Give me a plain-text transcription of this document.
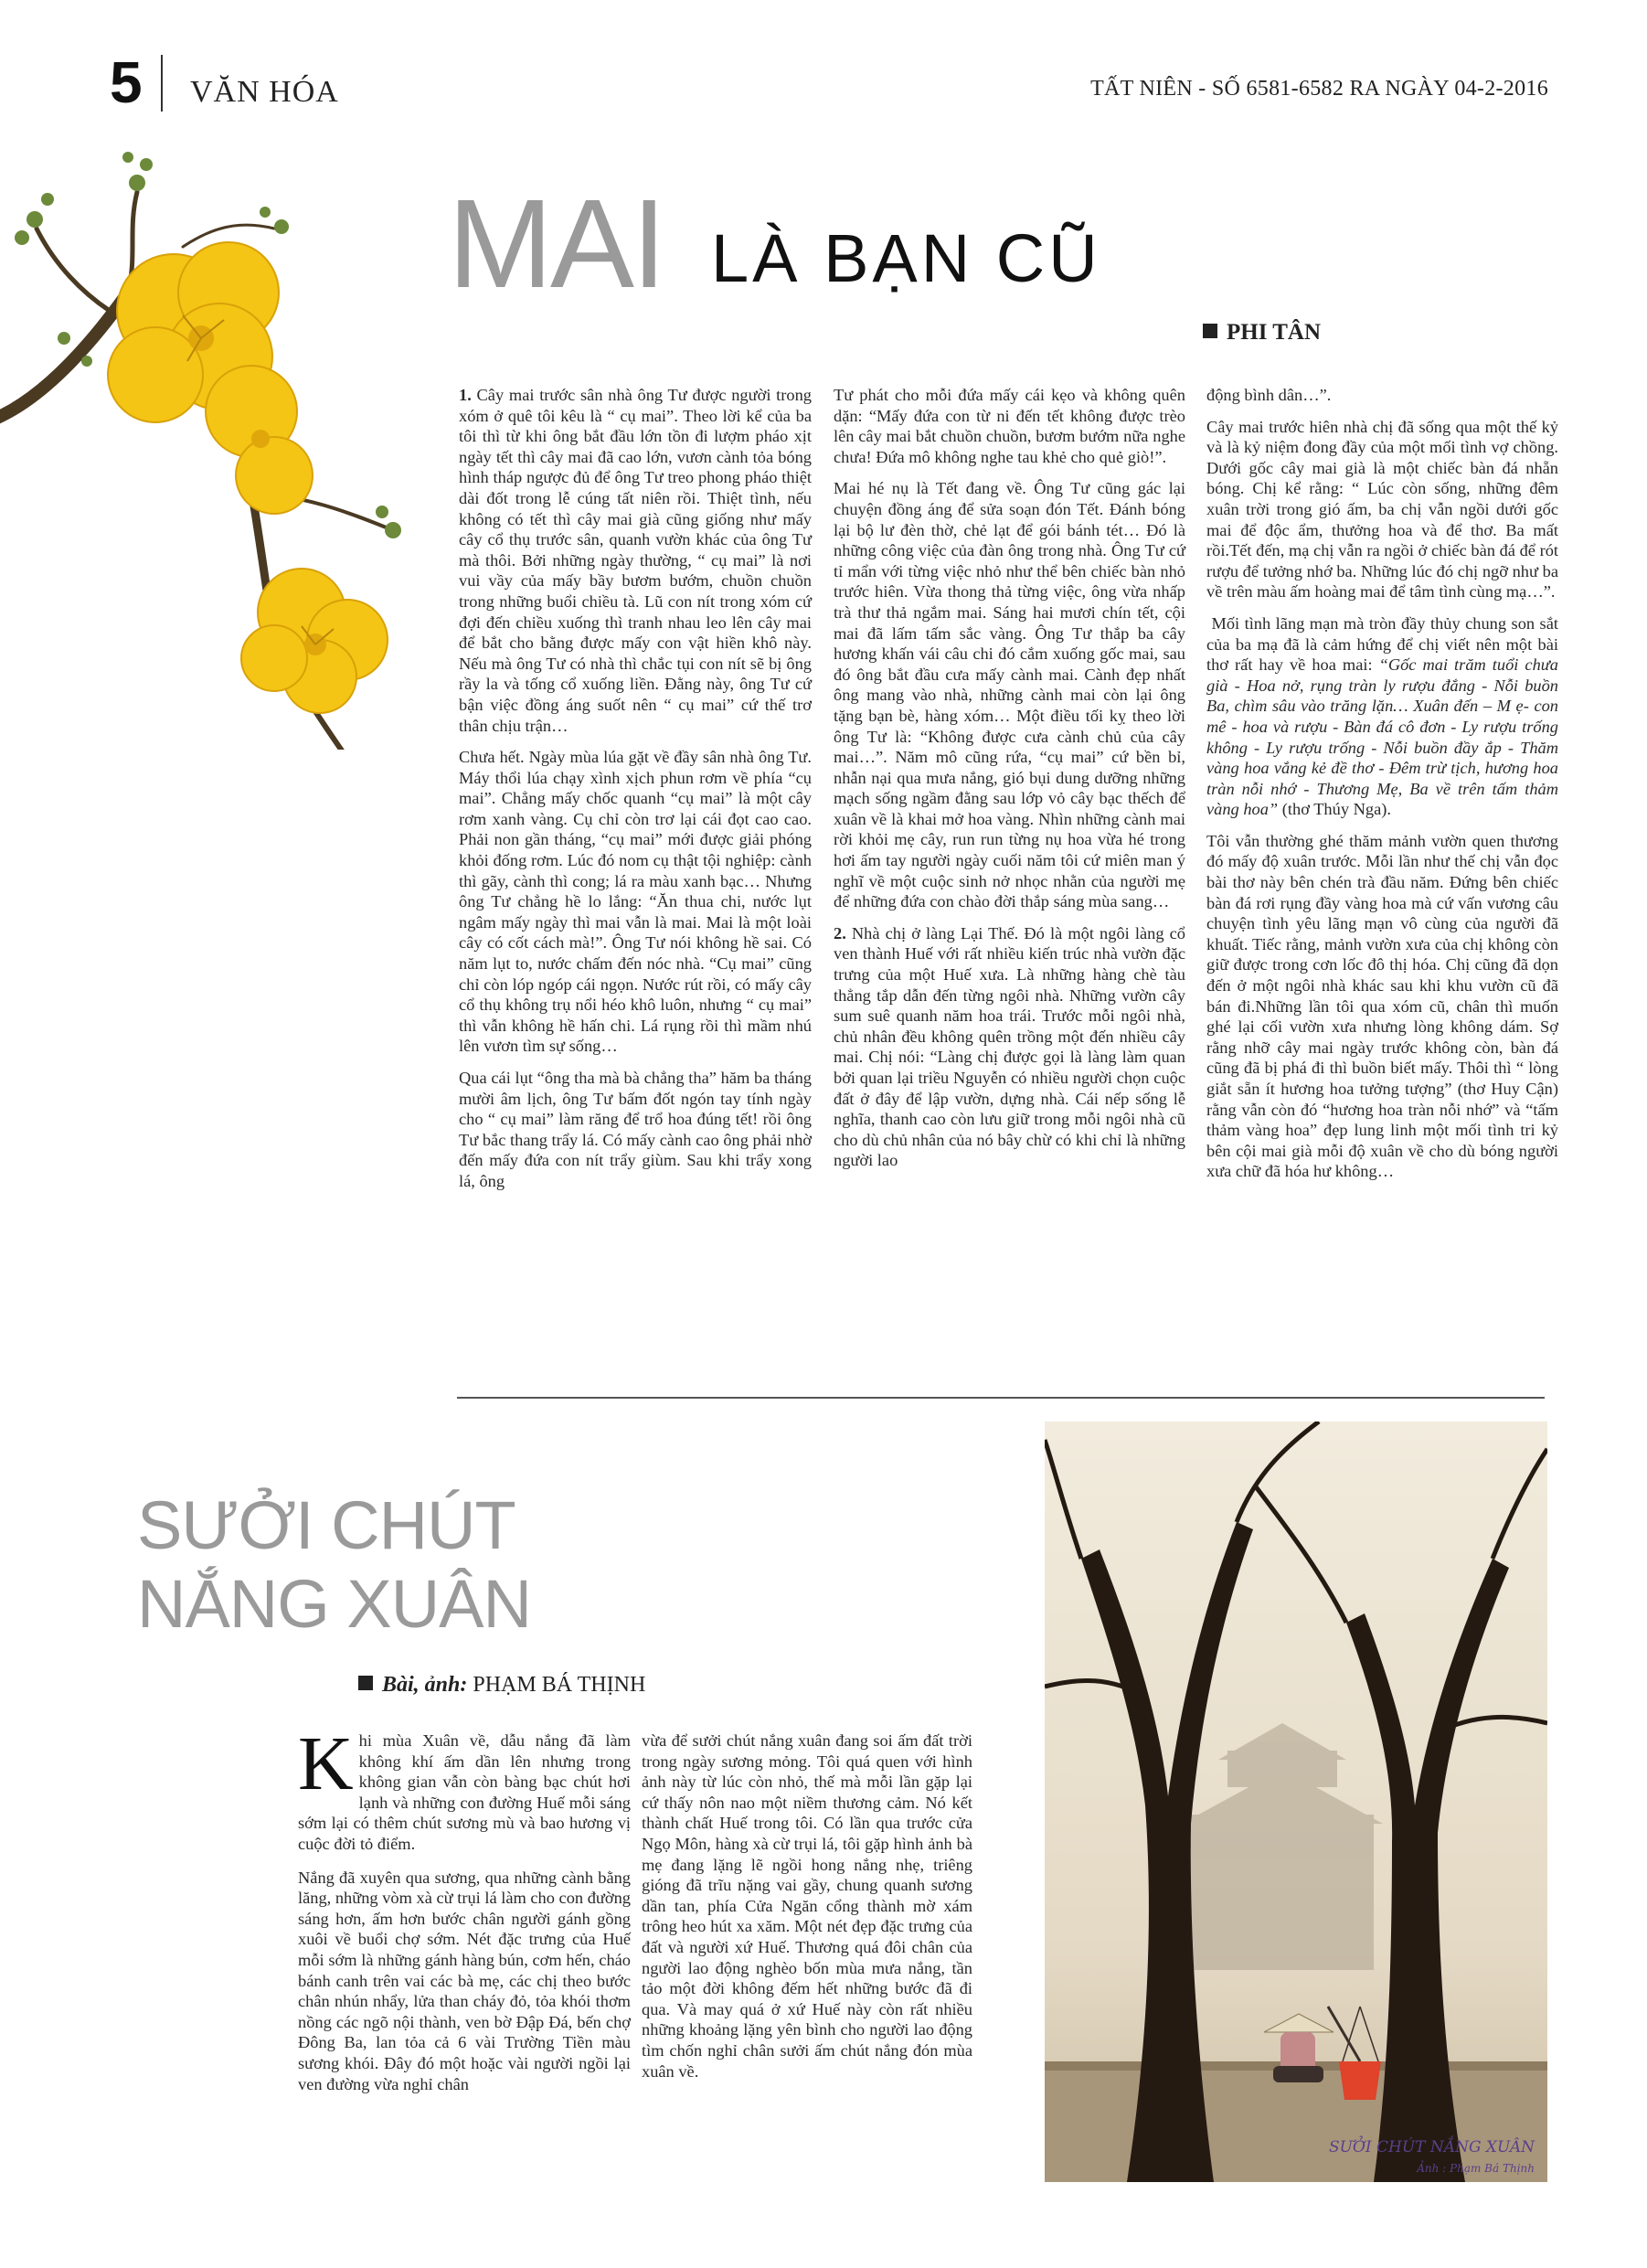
5 VĂN HÓA	TẤT NIÊN - SỐ 6581-6582 RA NGÀY 04-2-2016
MAI LÀ BẠN CŨ
PHI TÂN

1. Cây mai trước sân nhà ông Tư được người trong xóm ở quê tôi kêu là “ cụ mai”. Theo lời kể của ba tôi thì từ khi ông bắt đầu lớn tồn đi lượm pháo xịt ngày tết thì cây mai đã cao lớn, vươn cành tỏa bóng hình tháp ngược đủ để ông Tư treo phong pháo thiệt dài đốt trong lễ cúng tất niên rồi. Thiệt tình, nếu không có tết thì cây mai già cũng giống như mấy cây cổ thụ trước sân, quanh vườn khác của ông Tư mà thôi. Bởi những ngày thường, “ cụ mai” là nơi vui vầy của mấy bầy bươm bướm, chuồn chuồn trong những buổi chiều tà. Lũ con nít trong xóm cứ đợi đến chiều xuống thì tranh nhau leo lên cây mai để bắt cho bằng được mấy con vật hiền khô này. Nếu mà ông Tư có nhà thì chắc tụi con nít sẽ bị ông rầy la và tống cổ xuống liền. Đằng này, ông Tư cứ bận việc đồng áng suốt nên “ cụ mai” cứ thế trơ thân chịu trận…

Chưa hết. Ngày mùa lúa gặt về đầy sân nhà ông Tư. Máy thổi lúa chạy xình xịch phun rơm về phía “cụ mai”. Chẳng mấy chốc quanh “cụ mai” là một cây rơm xanh vàng. Cụ chỉ còn trơ lại cái đọt cao cao. Phải non gần tháng, “cụ mai” mới được giải phóng khỏi đống rơm. Lúc đó nom cụ thật tội nghiệp: cành thì gãy, cành thì cong; lá ra màu xanh bạc… Nhưng ông Tư chẳng hề lo lắng: “Ăn thua chi, nước lụt ngâm mấy ngày thì mai vẫn là mai. Mai là một loài cây có cốt cách mà!”. Ông Tư nói không hề sai. Có năm lụt to, nước chấm đến nóc nhà. “Cụ mai” cũng chỉ còn lóp ngóp cái ngọn. Nước rút rồi, có mấy cây cổ thụ không trụ nổi héo khô luôn, nhưng “ cụ mai” thì vẫn không hề hấn chi. Lá rụng rồi thì mầm nhú lên vươn tìm sự sống…

Qua cái lụt “ông tha mà bà chẳng tha” hăm ba tháng mười âm lịch, ông Tư bấm đốt ngón tay tính ngày cho “ cụ mai” làm răng để trổ hoa đúng tết! rồi ông Tư bắc thang trẩy lá. Có mấy cành cao ông phải nhờ đến mấy đứa con nít trẩy giùm. Sau khi trẩy xong lá, ông

Tư phát cho mỗi đứa mấy cái kẹo và không quên dặn: “Mấy đứa con từ ni đến tết không được trèo lên cây mai bắt chuồn chuồn, bươm bướm nữa nghe chưa! Đứa mô không nghe tau khẻ cho quẻ giò!”.

Mai hé nụ là Tết đang về. Ông Tư cũng gác lại chuyện đồng áng để sửa soạn đón Tết. Đánh bóng lại bộ lư đèn thờ, chẻ lạt để gói bánh tét… Đó là những công việc của đàn ông trong nhà. Ông Tư cứ tỉ mẩn với từng việc nhỏ như thể bên chiếc bàn nhỏ trước hiên. Vừa thong thả từng việc, ông vừa nhấp trà thư thả ngắm mai. Sáng hai mươi chín tết, cội mai đã lấm tấm sắc vàng. Ông Tư thắp ba cây hương khấn vái câu chi đó cắm xuống gốc mai, sau đó ông bắt đầu cưa mấy cành mai. Cành đẹp nhất ông mang vào nhà, những cành mai còn lại ông tặng bạn bè, hàng xóm… Một điều tối kỵ theo lời ông Tư là: “Không được cưa cành chủ của cây mai…”. Năm mô cũng rứa, “cụ mai” cứ bền bỉ, nhẫn nại qua mưa nắng, gió bụi dung dưỡng những mạch sống ngầm đằng sau lớp vỏ cây bạc thếch để xuân về là khai mở hoa vàng. Nhìn những cành mai rời khỏi mẹ cây, run run từng nụ hoa vừa hé trong hơi ấm tay người ngày cuối năm tôi cứ miên man ý nghĩ về một cuộc sinh nở nhọc nhằn của người mẹ để những đứa con chào đời thắp sáng mùa sang…

2. Nhà chị ở làng Lại Thế. Đó là một ngôi làng cổ ven thành Huế với rất nhiều kiến trúc nhà vườn đặc trưng của một Huế xưa. Là những hàng chè tàu thẳng tắp dẫn đến từng ngôi nhà. Những vườn cây sum suê quanh năm hoa trái. Trước mỗi ngôi nhà, chủ nhân đều không quên trồng một đến nhiều cây mai. Chị nói: “Làng chị được gọi là làng làm quan bởi quan lại triều Nguyễn có nhiều người chọn cuộc đất ở đây để lập vườn, dựng nhà. Cái nếp sống lễ nghĩa, thanh cao còn lưu giữ trong mỗi ngôi nhà cũ cho dù chủ nhân của nó bây chừ có khi chỉ là những người lao

động bình dân…”.

Cây mai trước hiên nhà chị đã sống qua một thế kỷ và là kỷ niệm đong đầy của một mối tình vợ chồng. Dưới gốc cây mai già là một chiếc bàn đá nhẵn bóng. Chị kể rằng: “ Lúc còn sống, những đêm xuân trời trong gió ấm, ba chị vẫn ngồi dưới gốc mai để độc ẩm, thưởng hoa và để thơ. Ba mất rồi.Tết đến, mạ chị vẫn ra ngồi ở chiếc bàn đá để rót rượu để tưởng nhớ ba. Những lúc đó chị ngỡ như ba về trên màu ấm hoàng mai để tâm tình cùng mạ…”.

Mối tình lãng mạn mà tròn đầy thủy chung son sắt của ba mạ đã là cảm hứng để chị viết nên một bài thơ rất hay về hoa mai: “Gốc mai trăm tuổi chưa già - Hoa nở, rụng tràn ly rượu đắng - Nỗi buồn Ba, chìm sâu vào trăng lặn… Xuân đến – M ẹ- con mê - hoa và rượu - Bàn đá cô đơn - Ly rượu trống không - Ly rượu trống - Nỗi buồn đầy ắp - Thăm vàng hoa vắng kẻ đề thơ - Đêm trừ tịch, hương hoa tràn nỗi nhớ - Thương Mẹ, Ba về trên tấm thảm vàng hoa” (thơ Thúy Nga).

Tôi vẫn thường ghé thăm mảnh vườn quen thương đó mấy độ xuân trước. Mỗi lần như thế chị vẫn đọc bài thơ này bên chén trà đầu năm. Đứng bên chiếc bàn đá rơi rụng đầy vàng hoa mà cứ vấn vương câu chuyện tình yêu lãng mạn vô cùng của người đã khuất. Tiếc rằng, mảnh vườn xưa của chị không còn giữ được trong cơn lốc đô thị hóa. Chị cũng đã dọn đến ở một ngôi nhà khác sau khi khu vườn cũ đã bán đi.Những lần tôi qua xóm cũ, chân thì muốn ghé lại cối vườn xưa nhưng lòng không dám. Sợ rằng nhỡ cây mai ngày trước không còn, bàn đá cũng đã bị phá đi thì buồn biết mấy. Thôi thì “ lòng giắt sẵn ít hương hoa tưởng tượng” (thơ Huy Cận) rằng vẫn còn đó “hương hoa tràn nỗi nhớ” và “tấm thảm vàng hoa” đẹp lung linh một mối tình tri kỷ bên cội mai già mỗi độ xuân về cho dù bóng người xưa chữ đã hóa hư không…

SƯỞI CHÚT
NẮNG XUÂN
Bài, ảnh: PHẠM BÁ THỊNH

Khi mùa Xuân về, dẫu nắng đã làm không khí ấm dần lên nhưng trong không gian vẫn còn bàng bạc chút hơi lạnh và những con đường Huế mỗi sáng sớm lại có thêm chút sương mù và bao hương vị cuộc đời tỏ điểm.

Nắng đã xuyên qua sương, qua những cành bằng lăng, những vòm xà cừ trụi lá làm cho con đường sáng hơn, ấm hơn bước chân người gánh gồng xuôi về buổi chợ sớm. Nét đặc trưng của Huế mỗi sớm là những gánh hàng bún, cơm hến, cháo bánh canh trên vai các bà mẹ, các chị theo bước chân nhún nhẩy, lửa than cháy đỏ, tỏa khói thơm nồng các ngõ nội thành, ven bờ Đập Đá, bến chợ Đông Ba, lan tỏa cả 6 vài Trường Tiền màu sương khói. Đây đó một hoặc vài người ngồi lại ven đường vừa nghỉ chân

vừa để sưởi chút nắng xuân đang soi ấm đất trời trong ngày sương mỏng. Tôi quá quen với hình ảnh này từ lúc còn nhỏ, thế mà mỗi lần gặp lại cứ thấy nôn nao một niềm thương cảm. Nó kết thành chất Huế trong tôi. Có lần qua trước cửa Ngọ Môn, hàng xà cừ trụi lá, tôi gặp hình ảnh bà mẹ đang lặng lẽ ngồi hong nắng nhẹ, triêng gióng đã trĩu nặng vai gầy, chung quanh sương dần tan, phía Cửa Ngăn cổng thành mờ xám trông heo hút xa xăm. Một nét đẹp đặc trưng của đất và người xứ Huế. Thương quá đôi chân của người lao động nghèo bốn mùa mưa nắng, tần tảo một đời không đếm hết những bước đã đi qua. Và may quá ở xứ Huế này còn rất nhiều những khoảng lặng yên bình cho người lao động tìm chốn nghỉ chân sưởi ấm chút nắng đón mùa xuân về.

SƯỞI CHÚT NẮNG XUÂN
Ảnh : Phạm Bá Thịnh
